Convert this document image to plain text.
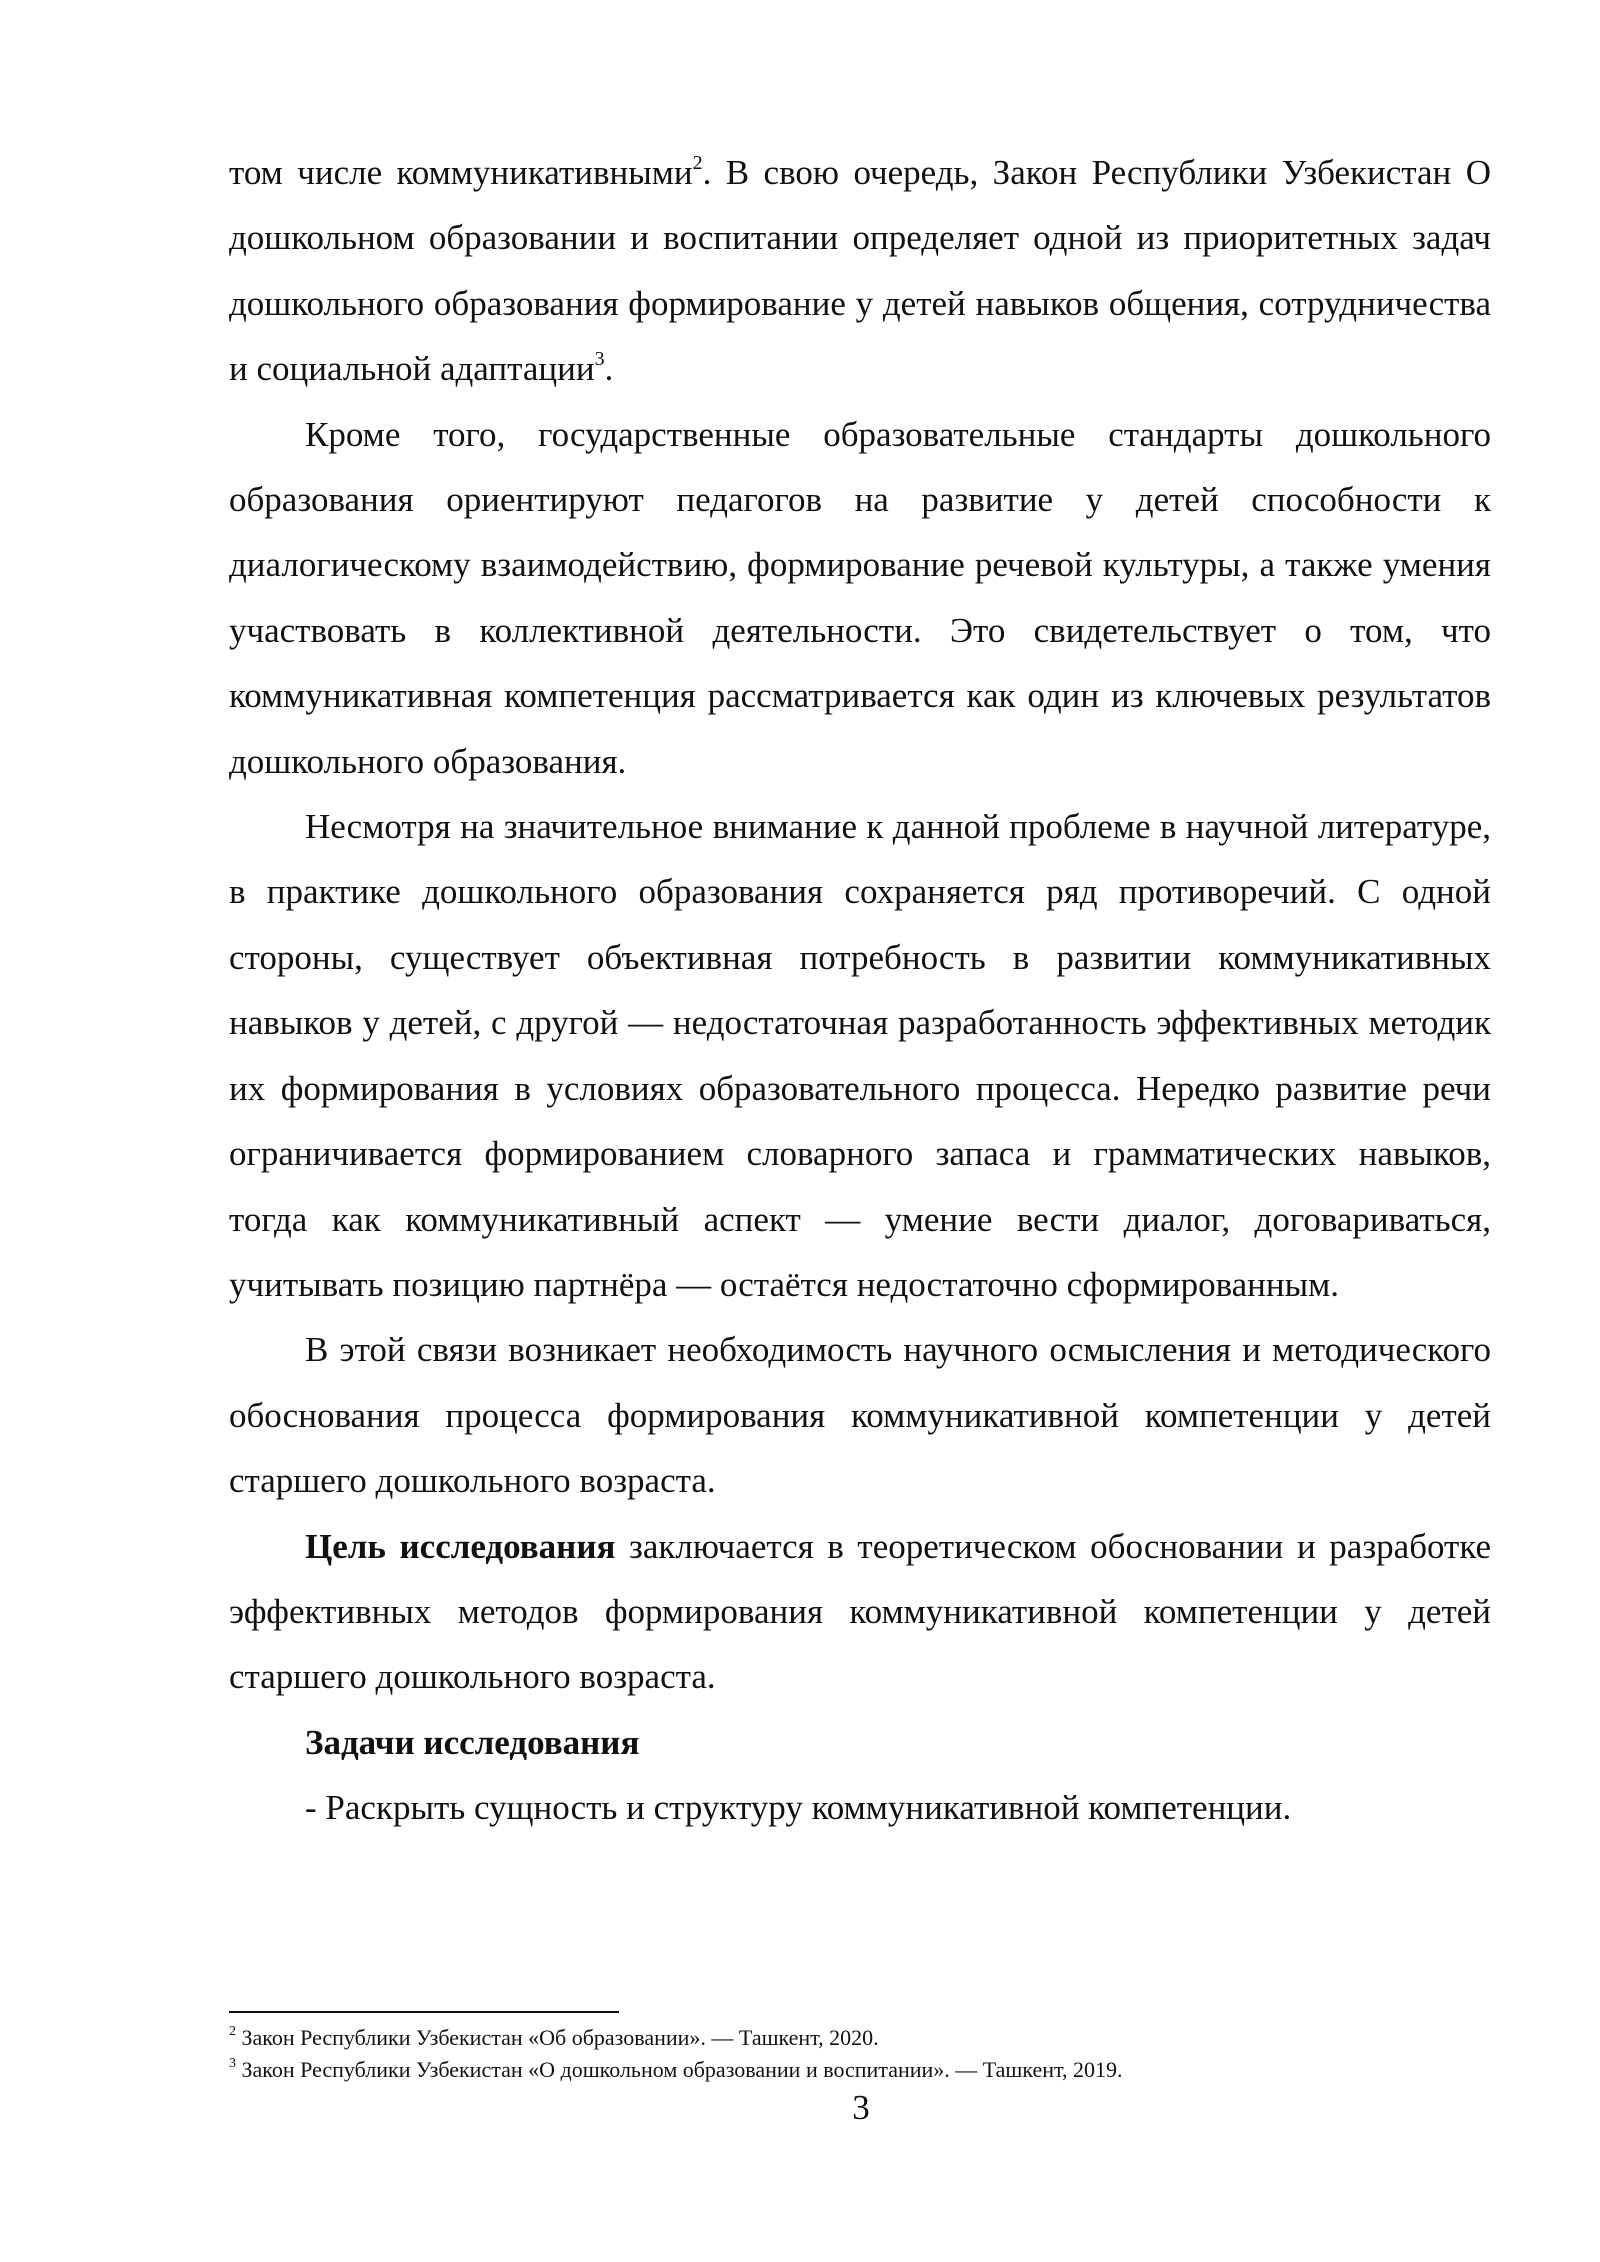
том числе коммуникативными$^2$. В свою очередь, Закон Республики Узбекистан О дошкольном образовании и воспитании определяет одной из приоритетных задач дошкольного образования формирование у детей навыков общения, сотрудничества и социальной адаптации$^3$.

Кроме того, государственные образовательные стандарты дошкольного образования ориентируют педагогов на развитие у детей способности к диалогическому взаимодействию, формирование речевой культуры, а также умения участвовать в коллективной деятельности. Это свидетельствует о том, что коммуникативная компетенция рассматривается как один из ключевых результатов дошкольного образования.

Несмотря на значительное внимание к данной проблеме в научной литературе, в практике дошкольного образования сохраняется ряд противоречий. С одной стороны, существует объективная потребность в развитии коммуникативных навыков у детей, с другой — недостаточная разработанность эффективных методик их формирования в условиях образовательного процесса. Нередко развитие речи ограничивается формированием словарного запаса и грамматических навыков, тогда как коммуникативный аспект — умение вести диалог, договариваться, учитывать позицию партнёра — остаётся недостаточно сформированным.

В этой связи возникает необходимость научного осмысления и методического обоснования процесса формирования коммуникативной компетенции у детей старшего дошкольного возраста.

Цель исследования заключается в теоретическом обосновании и разработке эффективных методов формирования коммуникативной компетенции у детей старшего дошкольного возраста.

Задачи исследования

- Раскрыть сущность и структуру коммуникативной компетенции.

$^2$ Закон Республики Узбекистан «Об образовании». — Ташкент, 2020.

$^3$ Закон Республики Узбекистан «О дошкольном образовании и воспитании». — Ташкент, 2019.

3
